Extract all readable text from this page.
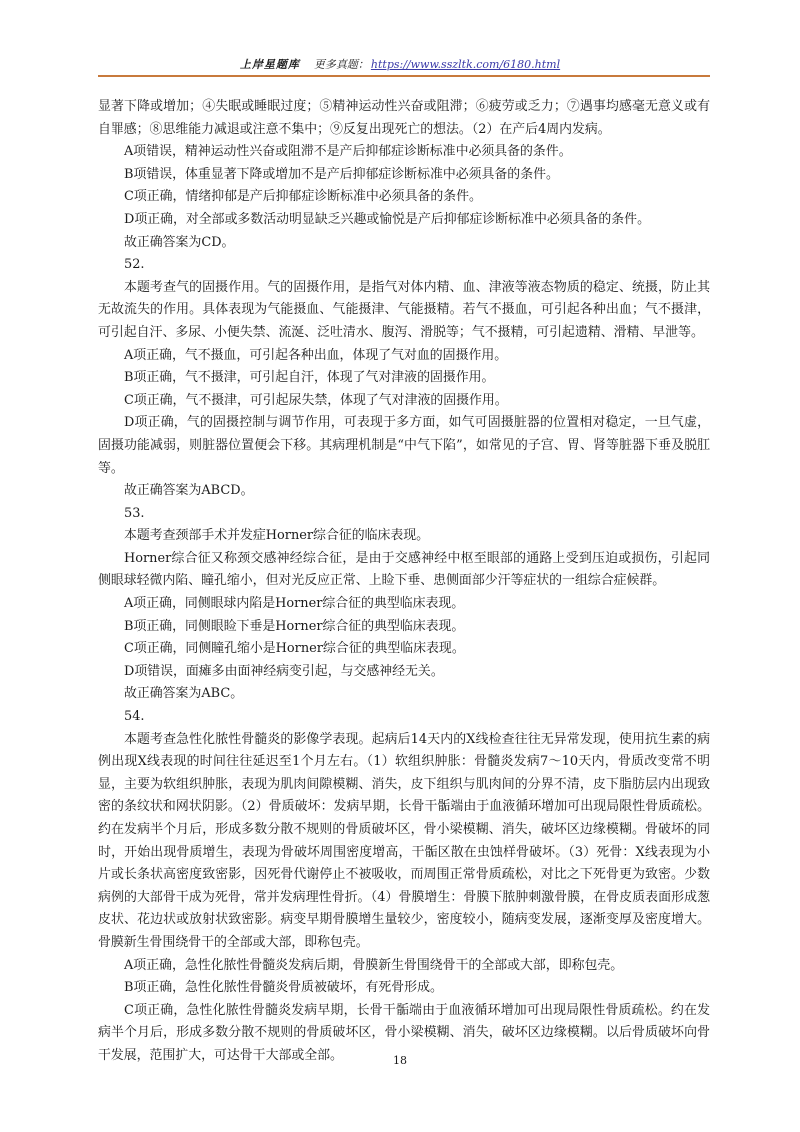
上岸星题库 更多真题： https://www.sszltk.com/6180.html

显著下降或增加；④失眠或睡眠过度；⑤精神运动性兴奋或阻滞；⑥疲劳或乏力；⑦遇事均感毫无意义或有自罪感；⑧思维能力减退或注意不集中；⑨反复出现死亡的想法。（2）在产后4周内发病。

A项错误，精神运动性兴奋或阻滞不是产后抑郁症诊断标准中必须具备的条件。

B项错误，体重显著下降或增加不是产后抑郁症诊断标准中必须具备的条件。

C项正确，情绪抑郁是产后抑郁症诊断标准中必须具备的条件。

D项正确，对全部或多数活动明显缺乏兴趣或愉悦是产后抑郁症诊断标准中必须具备的条件。

故正确答案为CD。

52.

本题考查气的固摄作用。气的固摄作用，是指气对体内精、血、津液等液态物质的稳定、统摄，防止其无故流失的作用。具体表现为气能摄血、气能摄津、气能摄精。若气不摄血，可引起各种出血；气不摄津，可引起自汗、多尿、小便失禁、流涎、泛吐清水、腹泻、滑脱等；气不摄精，可引起遗精、滑精、早泄等。

A项正确，气不摄血，可引起各种出血，体现了气对血的固摄作用。

B项正确，气不摄津，可引起自汗，体现了气对津液的固摄作用。

C项正确，气不摄津，可引起尿失禁，体现了气对津液的固摄作用。

D项正确，气的固摄控制与调节作用，可表现于多方面，如气可固摄脏器的位置相对稳定，一旦气虚，固摄功能减弱，则脏器位置便会下移。其病理机制是“中气下陷”，如常见的子宫、胃、肾等脏器下垂及脱肛等。

故正确答案为ABCD。

53.

本题考查颈部手术并发症Horner综合征的临床表现。

Horner综合征又称颈交感神经综合征，是由于交感神经中枢至眼部的通路上受到压迫或损伤，引起同侧眼球轻微内陷、瞳孔缩小，但对光反应正常、上睑下垂、患侧面部少汗等症状的一组综合症候群。

A项正确，同侧眼球内陷是Horner综合征的典型临床表现。

B项正确，同侧眼睑下垂是Horner综合征的典型临床表现。

C项正确，同侧瞳孔缩小是Horner综合征的典型临床表现。

D项错误，面瘫多由面神经病变引起，与交感神经无关。

故正确答案为ABC。

54.

本题考查急性化脓性骨髓炎的影像学表现。起病后14天内的X线检查往往无异常发现，使用抗生素的病例出现X线表现的时间往往延迟至1个月左右。（1）软组织肿胀：骨髓炎发病7～10天内，骨质改变常不明显，主要为软组织肿胀，表现为肌肉间隙模糊、消失，皮下组织与肌肉间的分界不清，皮下脂肪层内出现致密的条纹状和网状阴影。（2）骨质破坏：发病早期，长骨干骺端由于血液循环增加可出现局限性骨质疏松。约在发病半个月后，形成多数分散不规则的骨质破坏区，骨小梁模糊、消失，破坏区边缘模糊。骨破坏的同时，开始出现骨质增生，表现为骨破坏周围密度增高，干骺区散在虫蚀样骨破坏。（3）死骨：X线表现为小片或长条状高密度致密影，因死骨代谢停止不被吸收，而周围正常骨质疏松，对比之下死骨更为致密。少数病例的大部骨干成为死骨，常并发病理性骨折。（4）骨膜增生：骨膜下脓肿刺激骨膜，在骨皮质表面形成葱皮状、花边状或放射状致密影。病变早期骨膜增生量较少，密度较小，随病变发展，逐渐变厚及密度增大。骨膜新生骨围绕骨干的全部或大部，即称包壳。

A项正确，急性化脓性骨髓炎发病后期，骨膜新生骨围绕骨干的全部或大部，即称包壳。

B项正确，急性化脓性骨髓炎骨质被破坏，有死骨形成。

C项正确，急性化脓性骨髓炎发病早期，长骨干骺端由于血液循环增加可出现局限性骨质疏松。约在发病半个月后，形成多数分散不规则的骨质破坏区，骨小梁模糊、消失，破坏区边缘模糊。以后骨质破坏向骨干发展，范围扩大，可达骨干大部或全部。	18
